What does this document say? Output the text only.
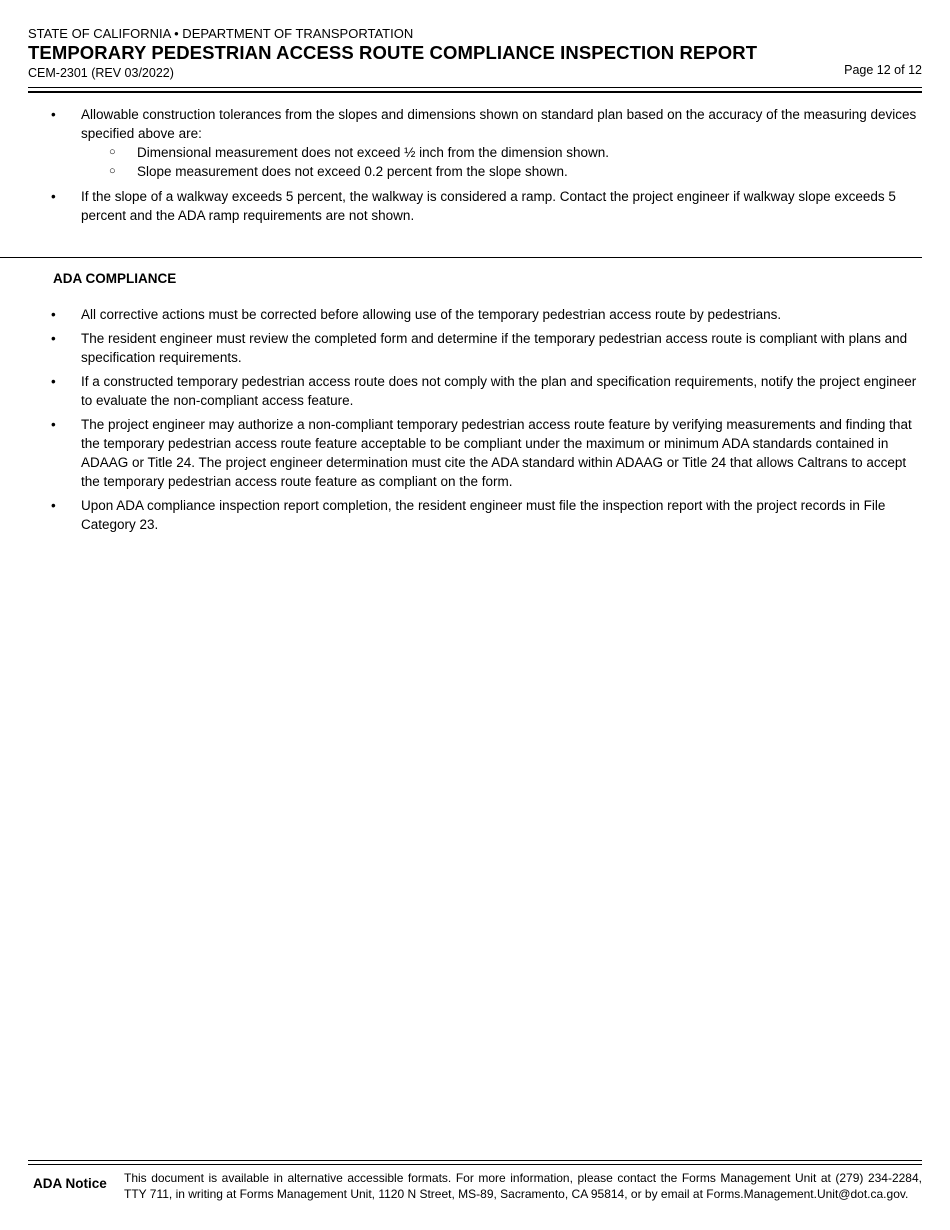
STATE OF CALIFORNIA • DEPARTMENT OF TRANSPORTATION
TEMPORARY PEDESTRIAN ACCESS ROUTE COMPLIANCE INSPECTION REPORT
CEM-2301 (REV 03/2022)	Page 12 of 12
• Allowable construction tolerances from the slopes and dimensions shown on standard plan based on the accuracy of the measuring devices specified above are:
○ Dimensional measurement does not exceed ½ inch from the dimension shown.
○ Slope measurement does not exceed 0.2 percent from the slope shown.
• If the slope of a walkway exceeds 5 percent, the walkway is considered a ramp. Contact the project engineer if walkway slope exceeds 5 percent and the ADA ramp requirements are not shown.
ADA COMPLIANCE
• All corrective actions must be corrected before allowing use of the temporary pedestrian access route by pedestrians.
• The resident engineer must review the completed form and determine if the temporary pedestrian access route is compliant with plans and specification requirements.
• If a constructed temporary pedestrian access route does not comply with the plan and specification requirements, notify the project engineer to evaluate the non-compliant access feature.
• The project engineer may authorize a non-compliant temporary pedestrian access route feature by verifying measurements and finding that the temporary pedestrian access route feature acceptable to be compliant under the maximum or minimum ADA standards contained in ADAAG or Title 24. The project engineer determination must cite the ADA standard within ADAAG or Title 24 that allows Caltrans to accept the temporary pedestrian access route feature as compliant on the form.
• Upon ADA compliance inspection report completion, the resident engineer must file the inspection report with the project records in File Category 23.
ADA Notice This document is available in alternative accessible formats. For more information, please contact the Forms Management Unit at (279) 234-2284, TTY 711, in writing at Forms Management Unit, 1120 N Street, MS-89, Sacramento, CA 95814, or by email at Forms.Management.Unit@dot.ca.gov.
